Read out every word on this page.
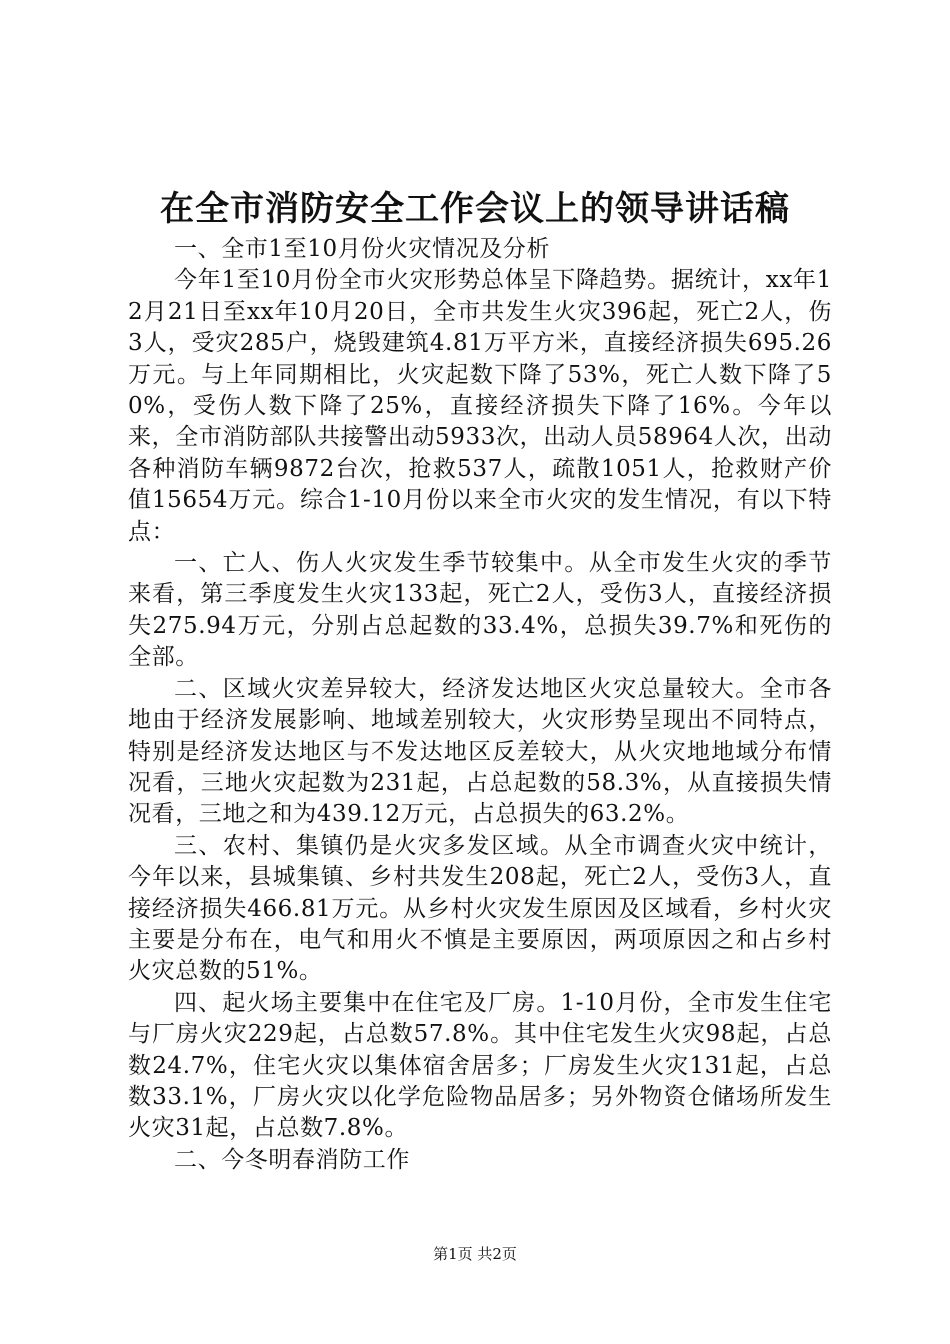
在全市消防安全工作会议上的领导讲话稿

一、全市1至10月份火灾情况及分析

今年1至10月份全市火灾形势总体呈下降趋势。据统计，xx年12月21日至xx年10月20日，全市共发生火灾396起，死亡2人，伤3人，受灾285户，烧毁建筑4.81万平方米，直接经济损失695.26万元。与上年同期相比，火灾起数下降了53%，死亡人数下降了50%，受伤人数下降了25%，直接经济损失下降了16%。今年以来，全市消防部队共接警出动5933次，出动人员58964人次，出动各种消防车辆9872台次，抢救537人，疏散1051人，抢救财产价值15654万元。综合1-10月份以来全市火灾的发生情况，有以下特点：

一、亡人、伤人火灾发生季节较集中。从全市发生火灾的季节来看，第三季度发生火灾133起，死亡2人，受伤3人，直接经济损失275.94万元，分别占总起数的33.4%，总损失39.7%和死伤的全部。

二、区域火灾差异较大，经济发达地区火灾总量较大。全市各地由于经济发展影响、地域差别较大，火灾形势呈现出不同特点，特别是经济发达地区与不发达地区反差较大，从火灾地地域分布情况看，三地火灾起数为231起，占总起数的58.3%，从直接损失情况看，三地之和为439.12万元，占总损失的63.2%。

三、农村、集镇仍是火灾多发区域。从全市调查火灾中统计，今年以来，县城集镇、乡村共发生208起，死亡2人，受伤3人，直接经济损失466.81万元。从乡村火灾发生原因及区域看，乡村火灾主要是分布在，电气和用火不慎是主要原因，两项原因之和占乡村火灾总数的51%。

四、起火场主要集中在住宅及厂房。1-10月份，全市发生住宅与厂房火灾229起，占总数57.8%。其中住宅发生火灾98起，占总数24.7%，住宅火灾以集体宿舍居多；厂房发生火灾131起，占总数33.1%，厂房火灾以化学危险物品居多；另外物资仓储场所发生火灾31起，占总数7.8%。

二、今冬明春消防工作

第1页 共2页
